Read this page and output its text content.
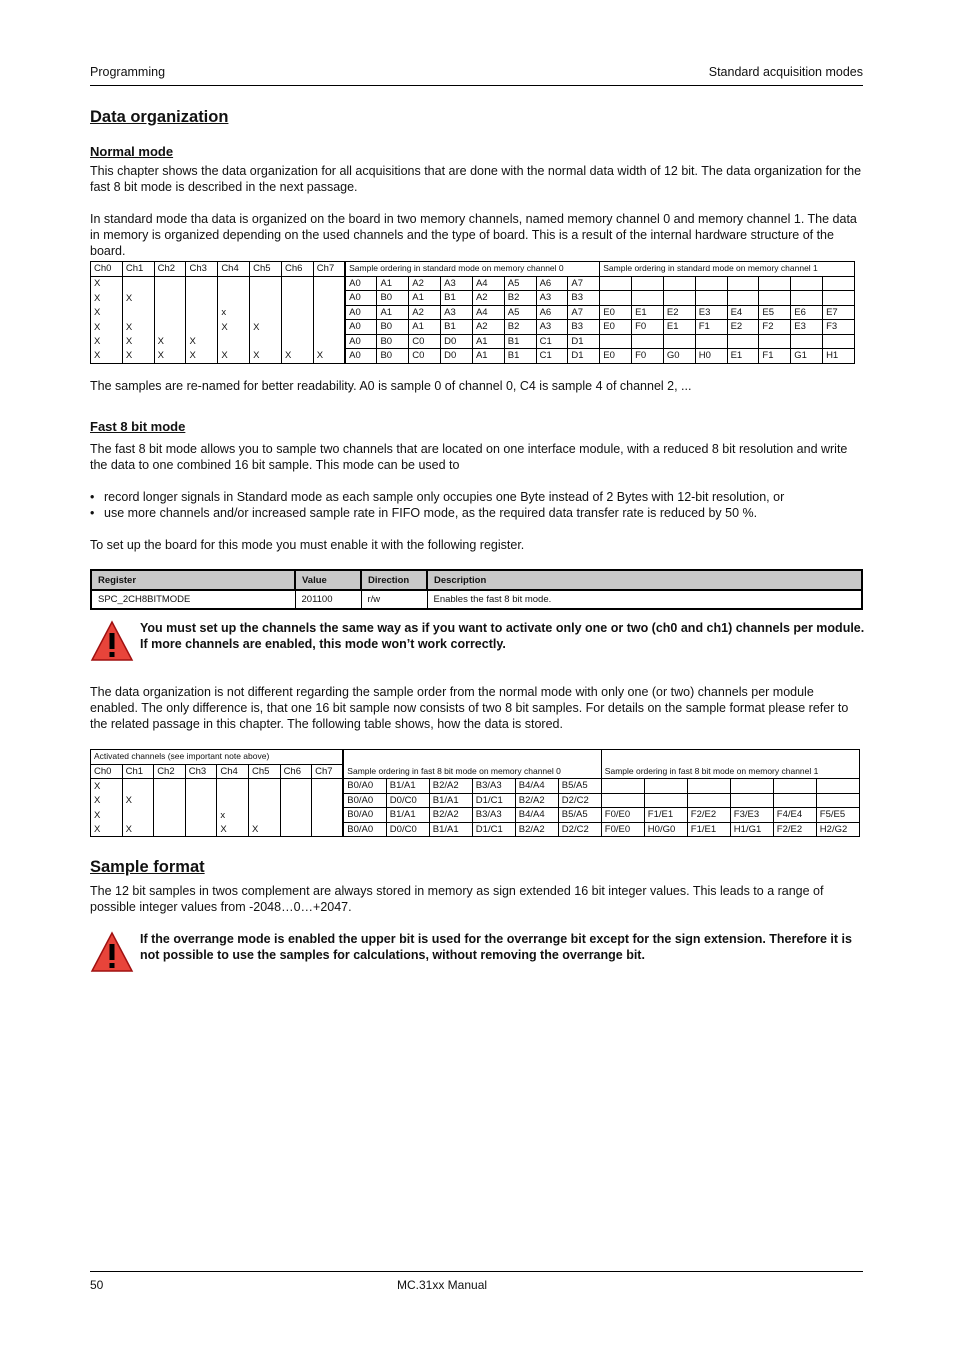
Programming	Standard acquisition modes
Data organization
Normal mode

This chapter shows the data organization for all acquisitions that are done with the normal data width of 12 bit. The data organization for the fast 8 bit mode is described in the next passage.

In standard mode tha data is organized on the board in two memory channels, named memory channel 0 and memory channel 1. The data in memory is organized depending on the used channels and the type of board. This is a result of the internal hardware structure of the board.

Ch0	Ch1	Ch2	Ch3	Ch4	Ch5	Ch6	Ch7	Sample ordering in standard mode on memory channel 0								Sample ordering in standard mode on memory channel 1							
X								A0	A1	A2	A3	A4	A5	A6	A7								
X	X							A0	B0	A1	B1	A2	B2	A3	B3								
X				x				A0	A1	A2	A3	A4	A5	A6	A7	E0	E1	E2	E3	E4	E5	E6	E7
X	X			X	X			A0	B0	A1	B1	A2	B2	A3	B3	E0	F0	E1	F1	E2	F2	E3	F3
X	X	X	X					A0	B0	C0	D0	A1	B1	C1	D1								
X	X	X	X	X	X	X	X	A0	B0	C0	D0	A1	B1	C1	D1	E0	F0	G0	H0	E1	F1	G1	H1

The samples are re-named for better readability. A0 is sample 0 of channel 0, C4 is sample 4 of channel 2, ...

Fast 8 bit mode

The fast 8 bit mode allows you to sample two channels that are located on one interface module, with a reduced 8 bit resolution and write the data to one combined 16 bit sample. This mode can be used to

• record longer signals in Standard mode as each sample only occupies one Byte instead of 2 Bytes with 12-bit resolution, or
• use more channels and/or increased sample rate in FIFO mode, as the required data transfer rate is reduced by 50 %.

To set up the board for this mode you must enable it with the following register.

Register	Value	Direction	Description
SPC_2CH8BITMODE	201100	r/w	Enables the fast 8 bit mode.
You must set up the channels the same way as if you want to activate only one or two (ch0 and ch1) channels per module. If more channels are enabled, this mode won’t work correctly.

The data organization is not different regarding the sample order from the normal mode with only one (or two) channels per module enabled. The only difference is, that one 16 bit sample now consists of two 8 bit samples. For details on the sample format please refer to the related passage in this chapter. The following table shows, how the data is stored.

Activated channels (see important note above)																			
Ch0	Ch1	Ch2	Ch3	Ch4	Ch5	Ch6	Ch7	Sample ordering in fast 8 bit mode on memory channel 0						Sample ordering in fast 8 bit mode on memory channel 1					
X								B0/A0	B1/A1	B2/A2	B3/A3	B4/A4	B5/A5						
X	X							B0/A0	D0/C0	B1/A1	D1/C1	B2/A2	D2/C2						
X				x				B0/A0	B1/A1	B2/A2	B3/A3	B4/A4	B5/A5	F0/E0	F1/E1	F2/E2	F3/E3	F4/E4	F5/E5
X	X			X	X			B0/A0	D0/C0	B1/A1	D1/C1	B2/A2	D2/C2	F0/E0	H0/G0	F1/E1	H1/G1	F2/E2	H2/G2
Sample format

The 12 bit samples in twos complement are always stored in memory as sign extended 16 bit integer values. This leads to a range of possible integer values from -2048…0…+2047.

If the overrange mode is enabled the upper bit is used for the overrange bit except for the sign extension. Therefore it is not possible to use the samples for calculations, without removing the overrange bit.
50	MC.31xx Manual
